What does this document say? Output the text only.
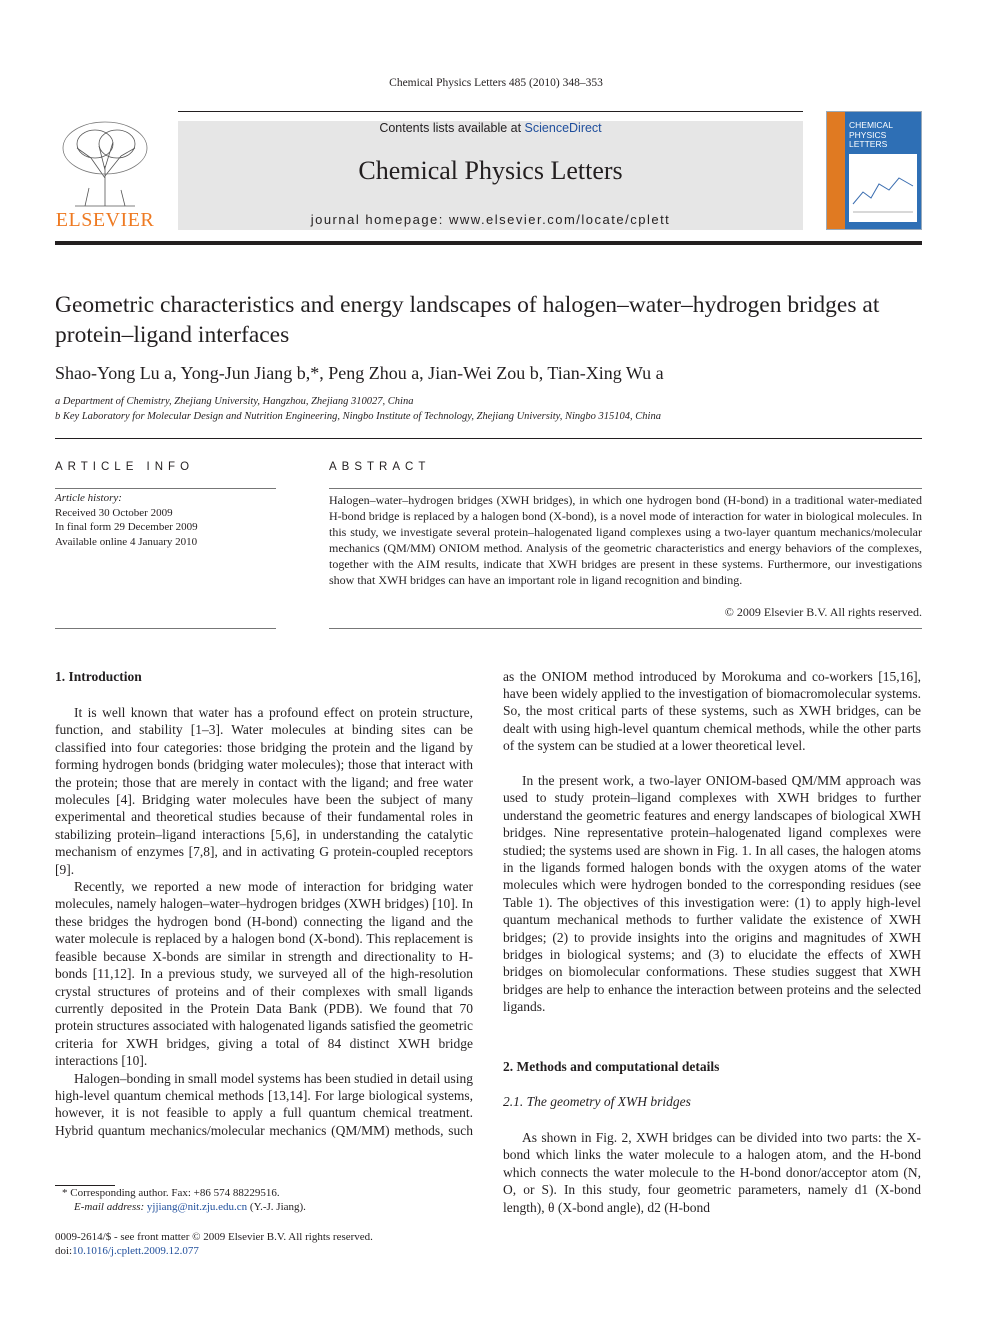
Chemical Physics Letters 485 (2010) 348–353
ELSEVIER
Contents lists available at ScienceDirect
Chemical Physics Letters
journal homepage: www.elsevier.com/locate/cplett
CHEMICAL
PHYSICS
LETTERS
Geometric characteristics and energy landscapes of halogen–water–hydrogen bridges at protein–ligand interfaces
Shao-Yong Lu a, Yong-Jun Jiang b,*, Peng Zhou a, Jian-Wei Zou b, Tian-Xing Wu a
a Department of Chemistry, Zhejiang University, Hangzhou, Zhejiang 310027, China
b Key Laboratory for Molecular Design and Nutrition Engineering, Ningbo Institute of Technology, Zhejiang University, Ningbo 315104, China
ARTICLE INFO	ABSTRACT
Article history:
Received 30 October 2009
In final form 29 December 2009
Available online 4 January 2010
Halogen–water–hydrogen bridges (XWH bridges), in which one hydrogen bond (H-bond) in a traditional water-mediated H-bond bridge is replaced by a halogen bond (X-bond), is a novel mode of interaction for water in biological molecules. In this study, we investigate several protein–halogenated ligand complexes using a two-layer quantum mechanics/molecular mechanics (QM/MM) ONIOM method. Analysis of the geometric characteristics and energy behaviors of the complexes, together with the AIM results, indicate that XWH bridges are present in these systems. Furthermore, our investigations show that XWH bridges can have an important role in ligand recognition and binding.
© 2009 Elsevier B.V. All rights reserved.
1. Introduction

It is well known that water has a profound effect on protein structure, function, and stability [1–3]. Water molecules at binding sites can be classified into four categories: those bridging the protein and the ligand by forming hydrogen bonds (bridging water molecules); those that interact with the protein; those that are merely in contact with the ligand; and free water molecules [4]. Bridging water molecules have been the subject of many experimental and theoretical studies because of their fundamental roles in stabilizing protein–ligand interactions [5,6], in understanding the catalytic mechanism of enzymes [7,8], and in activating G protein-coupled receptors [9].

Recently, we reported a new mode of interaction for bridging water molecules, namely halogen–water–hydrogen bridges (XWH bridges) [10]. In these bridges the hydrogen bond (H-bond) connecting the ligand and the water molecule is replaced by a halogen bond (X-bond). This replacement is feasible because X-bonds are similar in strength and directionality to H-bonds [11,12]. In a previous study, we surveyed all of the high-resolution crystal structures of proteins and of their complexes with small ligands currently deposited in the Protein Data Bank (PDB). We found that 70 protein structures associated with halogenated ligands satisfied the geometric criteria for XWH bridges, giving a total of 84 distinct XWH bridge interactions [10].

Halogen–bonding in small model systems has been studied in detail using high-level quantum chemical methods [13,14]. For large biological systems, however, it is not feasible to apply a full quantum chemical treatment. Hybrid quantum mechanics/molecular mechanics (QM/MM) methods, such

as the ONIOM method introduced by Morokuma and co-workers [15,16], have been widely applied to the investigation of biomacromolecular systems. So, the most critical parts of these systems, such as XWH bridges, can be dealt with using high-level quantum chemical methods, while the other parts of the system can be studied at a lower theoretical level.

In the present work, a two-layer ONIOM-based QM/MM approach was used to study protein–ligand complexes with XWH bridges to further understand the geometric features and energy landscapes of biological XWH bridges. Nine representative protein–halogenated ligand complexes were studied; the systems used are shown in Fig. 1. In all cases, the halogen atoms in the ligands formed halogen bonds with the oxygen atoms of the water molecules which were hydrogen bonded to the corresponding residues (see Table 1). The objectives of this investigation were: (1) to apply high-level quantum mechanical methods to further validate the existence of XWH bridges; (2) to provide insights into the origins and magnitudes of XWH bridges in biological systems; and (3) to elucidate the effects of XWH bridges on biomolecular conformations. These studies suggest that XWH bridges are help to enhance the interaction between proteins and the selected ligands.

2. Methods and computational details
2.1. The geometry of XWH bridges

As shown in Fig. 2, XWH bridges can be divided into two parts: the X-bond which links the water molecule to a halogen atom, and the H-bond which connects the water molecule to the H-bond donor/acceptor atom (N, O, or S). In this study, four geometric parameters, namely d1 (X-bond length), θ (X-bond angle), d2 (H-bond

* Corresponding author. Fax: +86 574 88229516.
E-mail address: yjjiang@nit.zju.edu.cn (Y.-J. Jiang).
0009-2614/$ - see front matter © 2009 Elsevier B.V. All rights reserved.
doi:10.1016/j.cplett.2009.12.077
